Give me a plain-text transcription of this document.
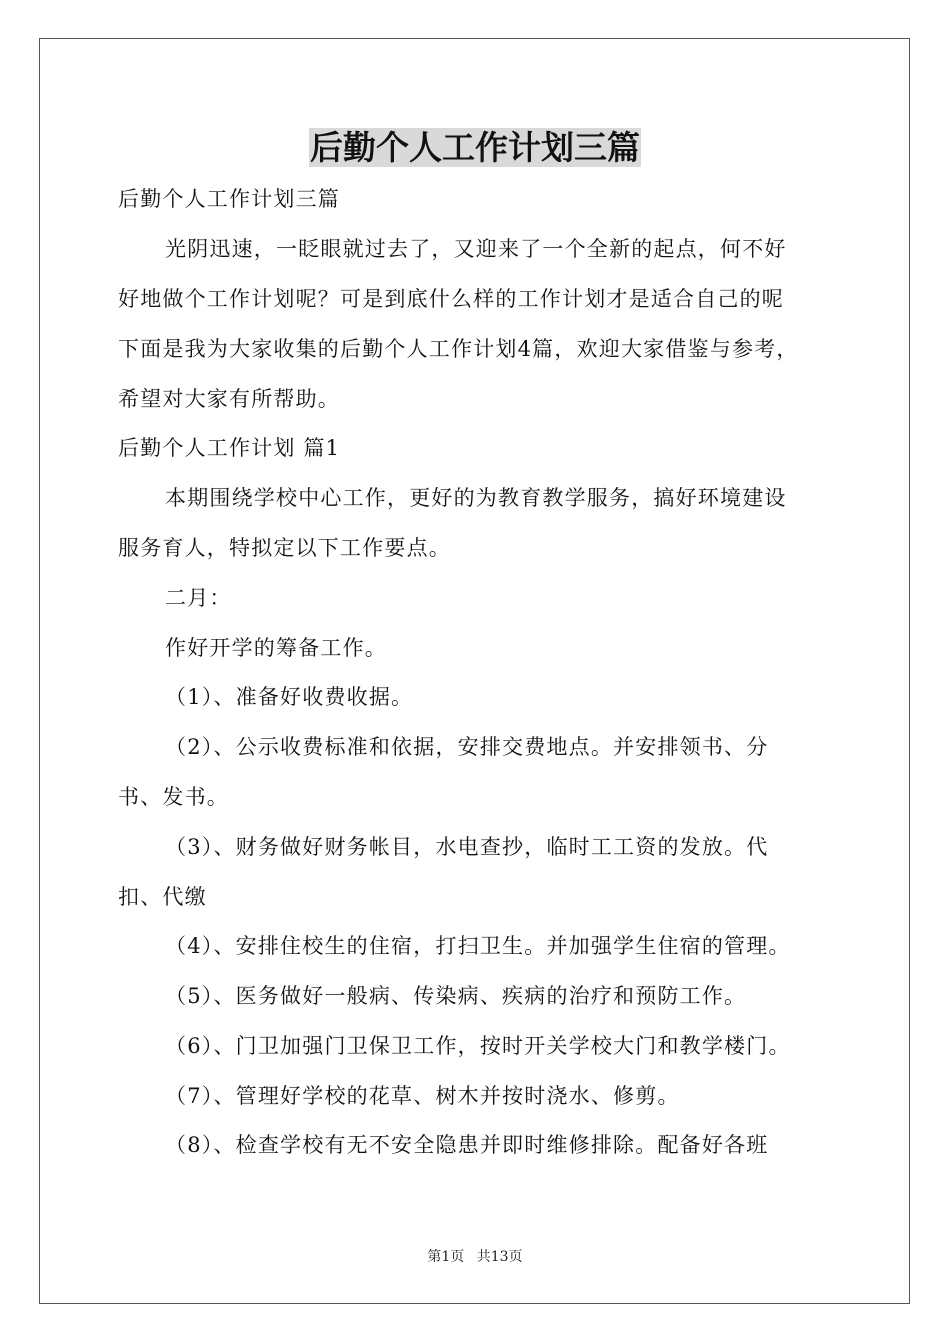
后勤个人工作计划三篇

后勤个人工作计划三篇

光阴迅速，一眨眼就过去了，又迎来了一个全新的起点，何不好

好地做个工作计划呢？可是到底什么样的工作计划才是适合自己的呢

下面是我为大家收集的后勤个人工作计划4篇，欢迎大家借鉴与参考，

希望对大家有所帮助。

后勤个人工作计划 篇1

本期围绕学校中心工作，更好的为教育教学服务，搞好环境建设

服务育人，特拟定以下工作要点。

二月：

作好开学的筹备工作。

（1）、准备好收费收据。

（2）、公示收费标准和依据，安排交费地点。并安排领书、分

书、发书。

（3）、财务做好财务帐目，水电查抄，临时工工资的发放。代

扣、代缴

（4）、安排住校生的住宿，打扫卫生。并加强学生住宿的管理。

（5）、医务做好一般病、传染病、疾病的治疗和预防工作。

（6）、门卫加强门卫保卫工作，按时开关学校大门和教学楼门。

（7）、管理好学校的花草、树木并按时浇水、修剪。

（8）、检查学校有无不安全隐患并即时维修排除。配备好各班

第1页 共13页
